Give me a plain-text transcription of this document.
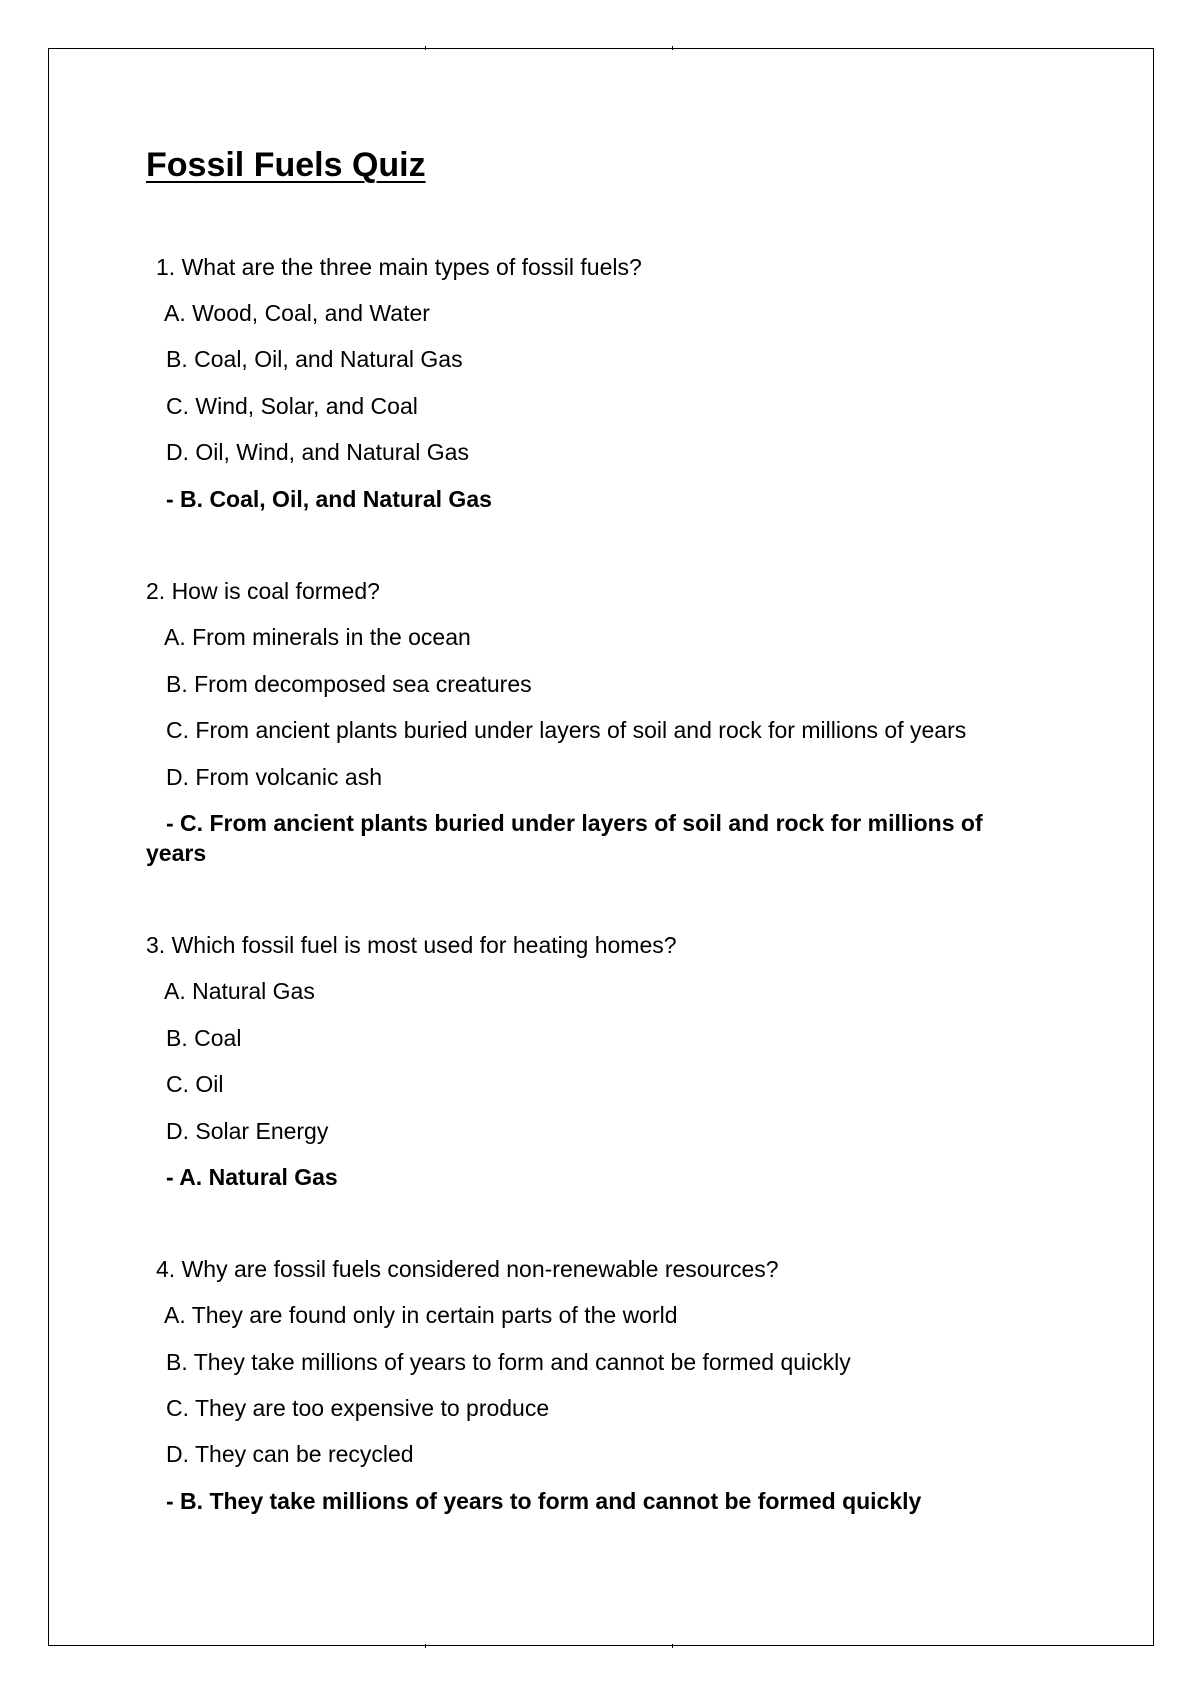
Fossil Fuels Quiz

1. What are the three main types of fossil fuels?

A. Wood, Coal, and Water

B. Coal, Oil, and Natural Gas

C. Wind, Solar, and Coal

D. Oil, Wind, and Natural Gas

- B. Coal, Oil, and Natural Gas

2. How is coal formed?

A. From minerals in the ocean

B. From decomposed sea creatures

C. From ancient plants buried under layers of soil and rock for millions of years

D. From volcanic ash

- C. From ancient plants buried under layers of soil and rock for millions of years

3. Which fossil fuel is most used for heating homes?

A. Natural Gas

B. Coal

C. Oil

D. Solar Energy

- A. Natural Gas

4. Why are fossil fuels considered non-renewable resources?

A. They are found only in certain parts of the world

B. They take millions of years to form and cannot be formed quickly

C. They are too expensive to produce

D. They can be recycled

- B. They take millions of years to form and cannot be formed quickly
